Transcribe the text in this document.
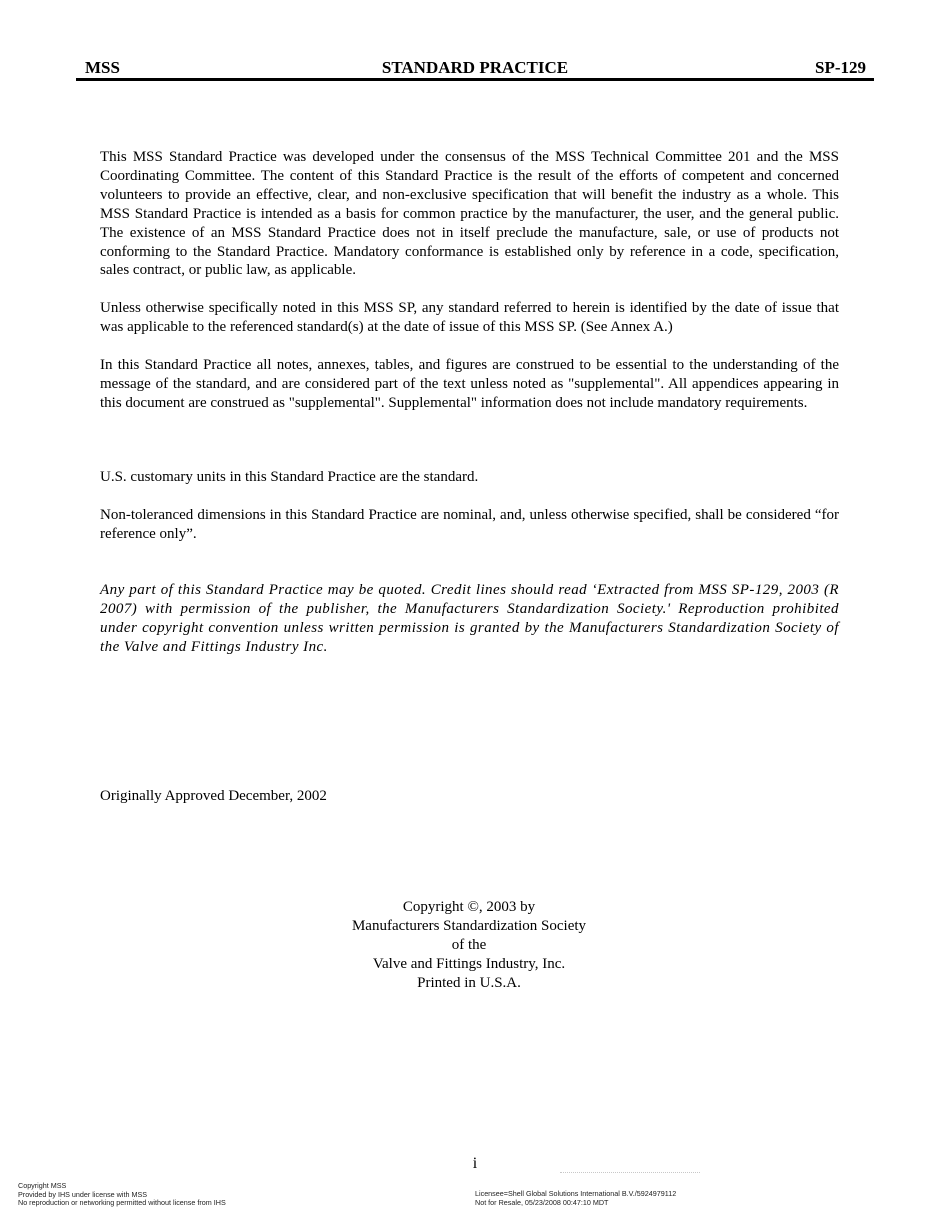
MSS	STANDARD PRACTICE	SP-129

This MSS Standard Practice was developed under the consensus of the MSS Technical Committee 201 and the MSS Coordinating Committee. The content of this Standard Practice is the result of the efforts of competent and concerned volunteers to provide an effective, clear, and non-exclusive specification that will benefit the industry as a whole. This MSS Standard Practice is intended as a basis for common practice by the manufacturer, the user, and the general public. The existence of an MSS Standard Practice does not in itself preclude the manufacture, sale, or use of products not conforming to the Standard Practice. Mandatory conformance is established only by reference in a code, specification, sales contract, or public law, as applicable.

Unless otherwise specifically noted in this MSS SP, any standard referred to herein is identified by the date of issue that was applicable to the referenced standard(s) at the date of issue of this MSS SP. (See Annex A.)

In this Standard Practice all notes, annexes, tables, and figures are construed to be essential to the understanding of the message of the standard, and are considered part of the text unless noted as "supplemental". All appendices appearing in this document are construed as "supplemental". Supplemental" information does not include mandatory requirements.

U.S. customary units in this Standard Practice are the standard.

Non-toleranced dimensions in this Standard Practice are nominal, and, unless otherwise specified, shall be considered “for reference only”.

Any part of this Standard Practice may be quoted. Credit lines should read ‘Extracted from MSS SP-129, 2003 (R 2007) with permission of the publisher, the Manufacturers Standardization Society.' Reproduction prohibited under copyright convention unless written permission is granted by the Manufacturers Standardization Society of the Valve and Fittings Industry Inc.

Originally Approved December, 2002

Copyright ©, 2003 by
Manufacturers Standardization Society
of the
Valve and Fittings Industry, Inc.
Printed in U.S.A.
i
Copyright MSS
Provided by IHS under license with MSS
No reproduction or networking permitted without license from IHS
Licensee=Shell Global Solutions International B.V./5924979112
Not for Resale, 05/23/2008 00:47:10 MDT
